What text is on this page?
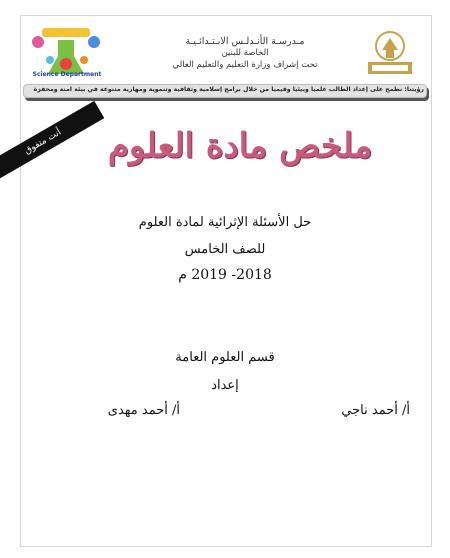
Science Department
مـدرسـة الأنـدلـس الابـتـدائـيـة
الخاصة للبنين
تحت إشراف وزارة التعليم والتعليم العالي
رؤيتنا: نطمح على إعداد الطالب علمياً وبيئياً وقيمياً من خلال برامج إسلامية وثقافية وتنموية ومهارية متنوعة في بيئة آمنة ومحفزة
أنت متفوق	ملخص مادة العلوم
حل الأسئلة الإثرائية لمادة العلوم
للصف الخامس
2018- 2019 م
قسم العلوم العامة
إعداد
أ/ أحمد ناجي
أ/ أحمد مهدى
